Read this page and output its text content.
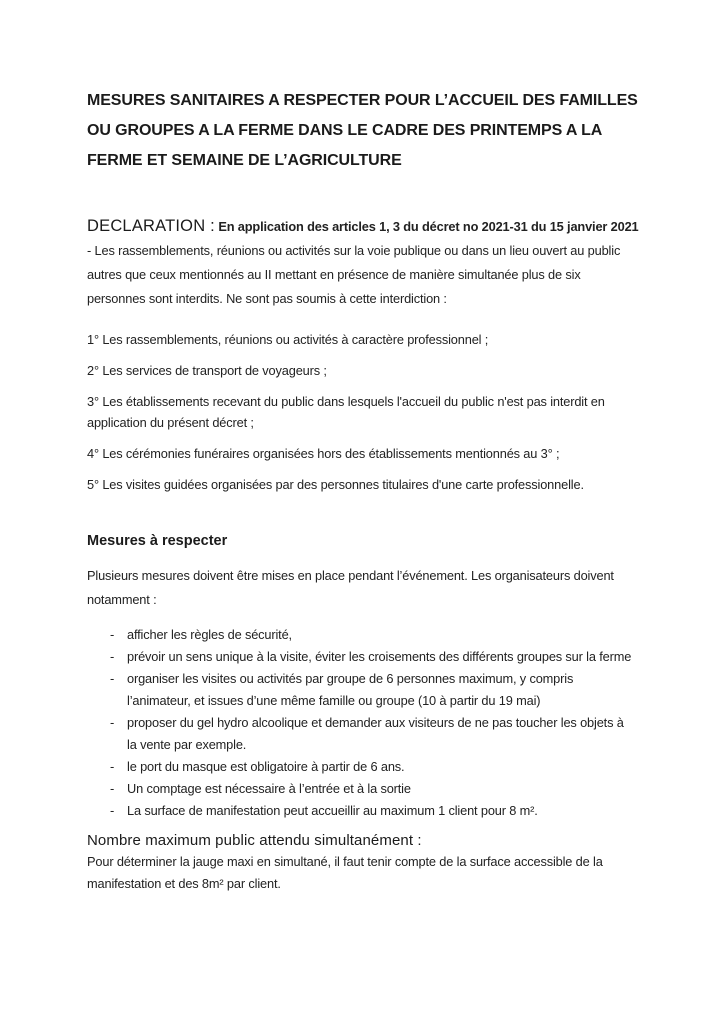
MESURES SANITAIRES A RESPECTER POUR L’ACCUEIL DES FAMILLES
OU GROUPES A LA FERME DANS LE CADRE DES PRINTEMPS A LA
FERME ET SEMAINE DE L’AGRICULTURE

DECLARATION : En application des articles 1, 3 du décret no 2021-31 du 15 janvier 2021 - Les rassemblements, réunions ou activités sur la voie publique ou dans un lieu ouvert au public autres que ceux mentionnés au II mettant en présence de manière simultanée plus de six personnes sont interdits. Ne sont pas soumis à cette interdiction :

1° Les rassemblements, réunions ou activités à caractère professionnel ;
2° Les services de transport de voyageurs ;
3° Les établissements recevant du public dans lesquels l'accueil du public n'est pas interdit en application du présent décret ;
4° Les cérémonies funéraires organisées hors des établissements mentionnés au 3° ;
5° Les visites guidées organisées par des personnes titulaires d'une carte professionnelle.
Mesures à respecter

Plusieurs mesures doivent être mises en place pendant l’événement. Les organisateurs doivent notamment :

- afficher les règles de sécurité,
- prévoir un sens unique à la visite, éviter les croisements des différents groupes sur la ferme
- organiser les visites ou activités par groupe de 6 personnes maximum, y compris l’animateur, et issues d’une même famille ou groupe (10 à partir du 19 mai)
- proposer du gel hydro alcoolique et demander aux visiteurs de ne pas toucher les objets à la vente par exemple.
- le port du masque est obligatoire à partir de 6 ans.
- Un comptage est nécessaire à l’entrée et à la sortie
- La surface de manifestation peut accueillir au maximum 1 client pour 8 m².
Nombre maximum public attendu simultanément :

Pour déterminer la jauge maxi en simultané, il faut tenir compte de la surface accessible de la manifestation et des 8m² par client.
